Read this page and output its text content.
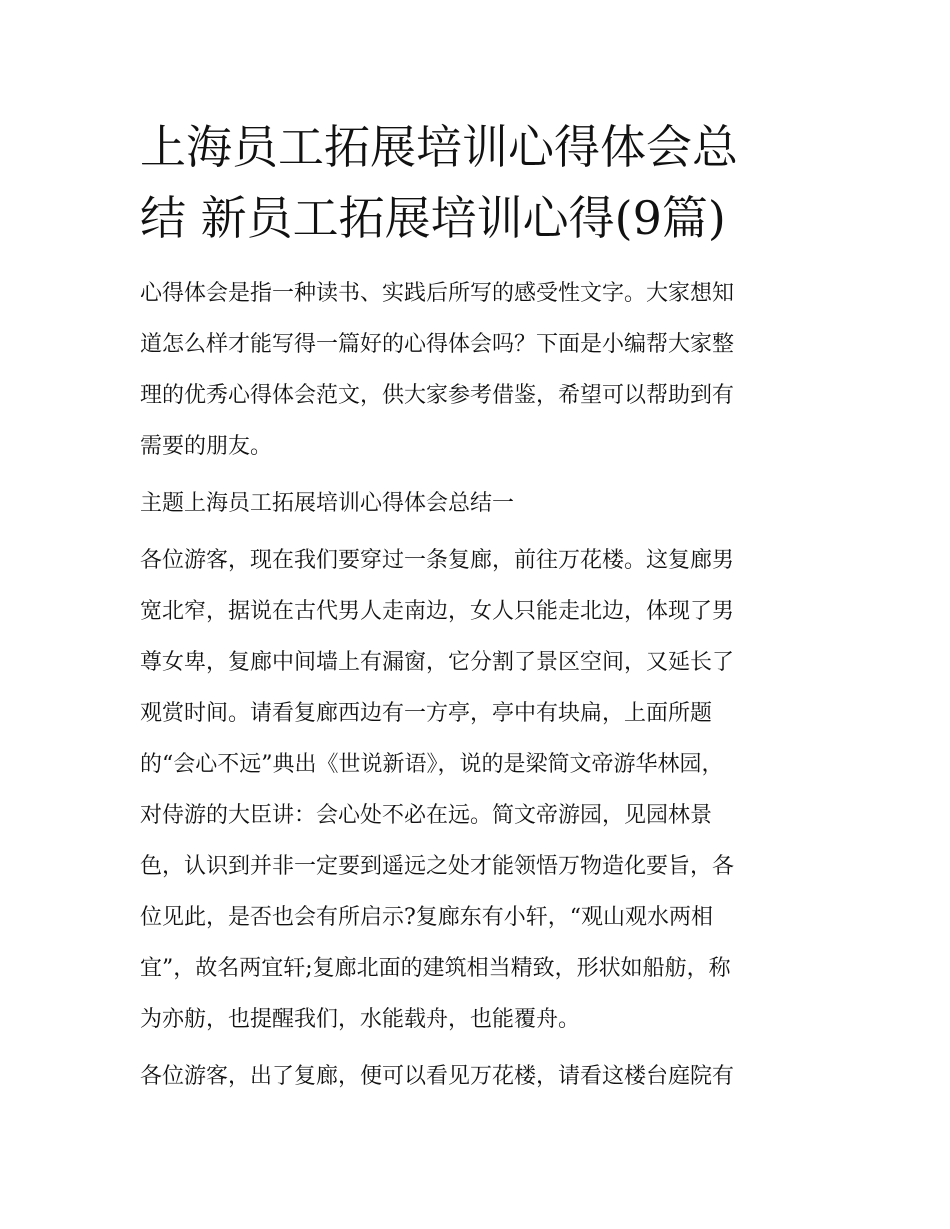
上海员工拓展培训心得体会总
结 新员工拓展培训心得(9篇)

心得体会是指一种读书、实践后所写的感受性文字。大家想知
道怎么样才能写得一篇好的心得体会吗？下面是小编帮大家整
理的优秀心得体会范文，供大家参考借鉴，希望可以帮助到有
需要的朋友。

主题上海员工拓展培训心得体会总结一

各位游客，现在我们要穿过一条复廊，前往万花楼。这复廊男
宽北窄，据说在古代男人走南边，女人只能走北边，体现了男
尊女卑，复廊中间墙上有漏窗，它分割了景区空间，又延长了
观赏时间。请看复廊西边有一方亭，亭中有块扁，上面所题
的“会心不远”典出《世说新语》，说的是梁简文帝游华林园，
对侍游的大臣讲：会心处不必在远。简文帝游园，见园林景
色，认识到并非一定要到遥远之处才能领悟万物造化要旨，各
位见此，是否也会有所启示?复廊东有小轩，“观山观水两相
宜”，故名两宜轩;复廊北面的建筑相当精致，形状如船舫，称
为亦舫，也提醒我们，水能载舟，也能覆舟。

各位游客，出了复廊，便可以看见万花楼，请看这楼台庭院有
